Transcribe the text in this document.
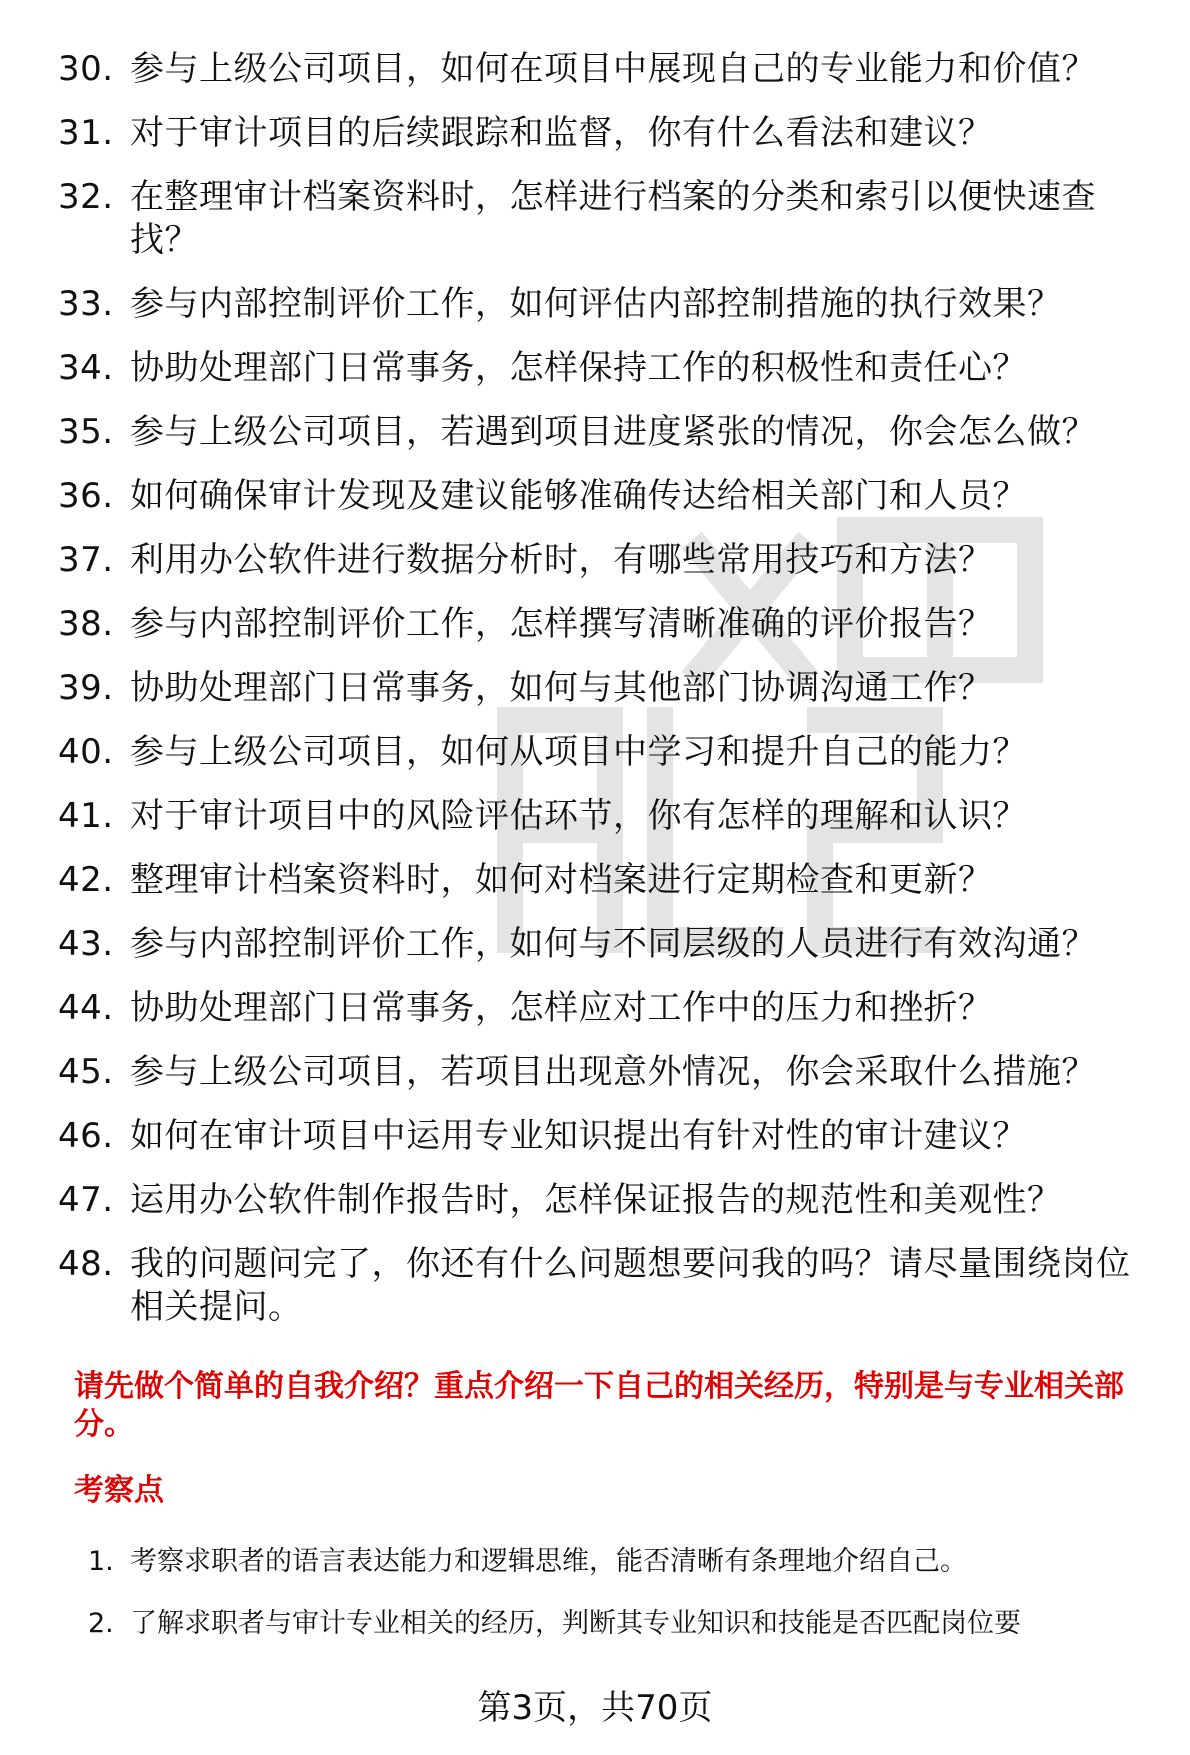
30. 参与上级公司项目，如何在项目中展现自己的专业能力和价值？
31. 对于审计项目的后续跟踪和监督，你有什么看法和建议？
32. 在整理审计档案资料时，怎样进行档案的分类和索引以便快速查找？
33. 参与内部控制评价工作，如何评估内部控制措施的执行效果？
34. 协助处理部门日常事务，怎样保持工作的积极性和责任心？
35. 参与上级公司项目，若遇到项目进度紧张的情况，你会怎么做？
36. 如何确保审计发现及建议能够准确传达给相关部门和人员？
37. 利用办公软件进行数据分析时，有哪些常用技巧和方法？
38. 参与内部控制评价工作，怎样撰写清晰准确的评价报告？
39. 协助处理部门日常事务，如何与其他部门协调沟通工作？
40. 参与上级公司项目，如何从项目中学习和提升自己的能力？
41. 对于审计项目中的风险评估环节，你有怎样的理解和认识？
42. 整理审计档案资料时，如何对档案进行定期检查和更新？
43. 参与内部控制评价工作，如何与不同层级的人员进行有效沟通？
44. 协助处理部门日常事务，怎样应对工作中的压力和挫折？
45. 参与上级公司项目，若项目出现意外情况，你会采取什么措施？
46. 如何在审计项目中运用专业知识提出有针对性的审计建议？
47. 运用办公软件制作报告时，怎样保证报告的规范性和美观性？
48. 我的问题问完了，你还有什么问题想要问我的吗？请尽量围绕岗位相关提问。
请先做个简单的自我介绍？重点介绍一下自己的相关经历，特别是与专业相关部分。
考察点
1. 考察求职者的语言表达能力和逻辑思维，能否清晰有条理地介绍自己。
2. 了解求职者与审计专业相关的经历，判断其专业知识和技能是否匹配岗位要
第3页，共70页
